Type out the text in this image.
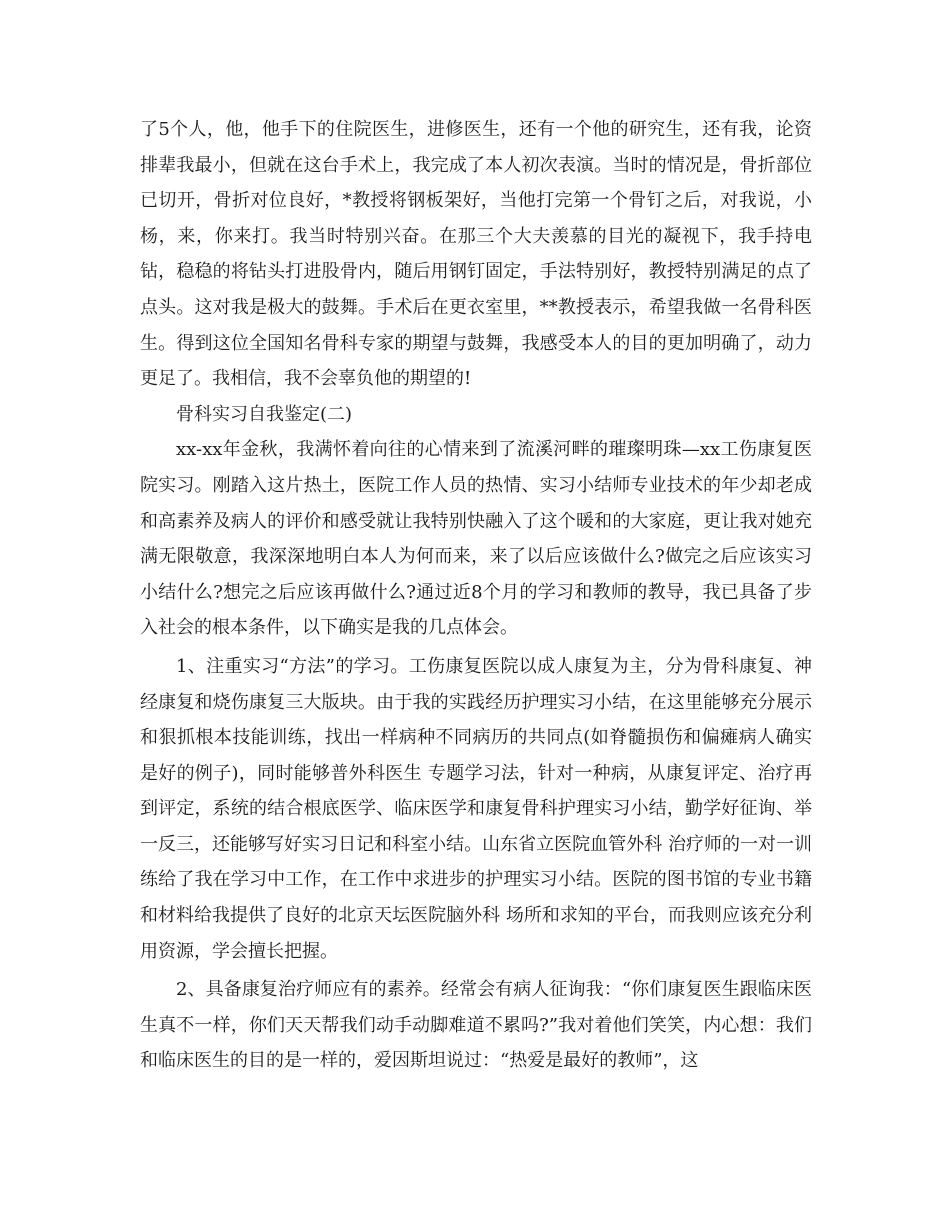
了5个人，他，他手下的住院医生，进修医生，还有一个他的研究生，还有我，论资排辈我最小，但就在这台手术上，我完成了本人初次表演。当时的情况是，骨折部位已切开，骨折对位良好，*教授将钢板架好，当他打完第一个骨钉之后，对我说，小杨，来，你来打。我当时特别兴奋。在那三个大夫羡慕的目光的凝视下，我手持电钻，稳稳的将钻头打进股骨内，随后用钢钉固定，手法特别好，教授特别满足的点了点头。这对我是极大的鼓舞。手术后在更衣室里，**教授表示，希望我做一名骨科医生。得到这位全国知名骨科专家的期望与鼓舞，我感受本人的目的更加明确了，动力更足了。我相信，我不会辜负他的期望的!

骨科实习自我鉴定(二)

xx-xx年金秋，我满怀着向往的心情来到了流溪河畔的璀璨明珠—xx工伤康复医院实习。刚踏入这片热土，医院工作人员的热情、实习小结师专业技术的年少却老成和高素养及病人的评价和感受就让我特别快融入了这个暖和的大家庭，更让我对她充满无限敬意，我深深地明白本人为何而来，来了以后应该做什么?做完之后应该实习小结什么?想完之后应该再做什么?通过近8个月的学习和教师的教导，我已具备了步入社会的根本条件，以下确实是我的几点体会。

1、注重实习“方法”的学习。工伤康复医院以成人康复为主，分为骨科康复、神经康复和烧伤康复三大版块。由于我的实践经历护理实习小结，在这里能够充分展示和狠抓根本技能训练，找出一样病种不同病历的共同点(如脊髓损伤和偏瘫病人确实是好的例子)，同时能够普外科医生 专题学习法，针对一种病，从康复评定、治疗再到评定，系统的结合根底医学、临床医学和康复骨科护理实习小结，勤学好征询、举一反三，还能够写好实习日记和科室小结。山东省立医院血管外科 治疗师的一对一训练给了我在学习中工作，在工作中求进步的护理实习小结。医院的图书馆的专业书籍和材料给我提供了良好的北京天坛医院脑外科 场所和求知的平台，而我则应该充分利用资源，学会擅长把握。

2、具备康复治疗师应有的素养。经常会有病人征询我：“你们康复医生跟临床医生真不一样，你们天天帮我们动手动脚难道不累吗?”我对着他们笑笑，内心想：我们和临床医生的目的是一样的，爱因斯坦说过：“热爱是最好的教师”，这
